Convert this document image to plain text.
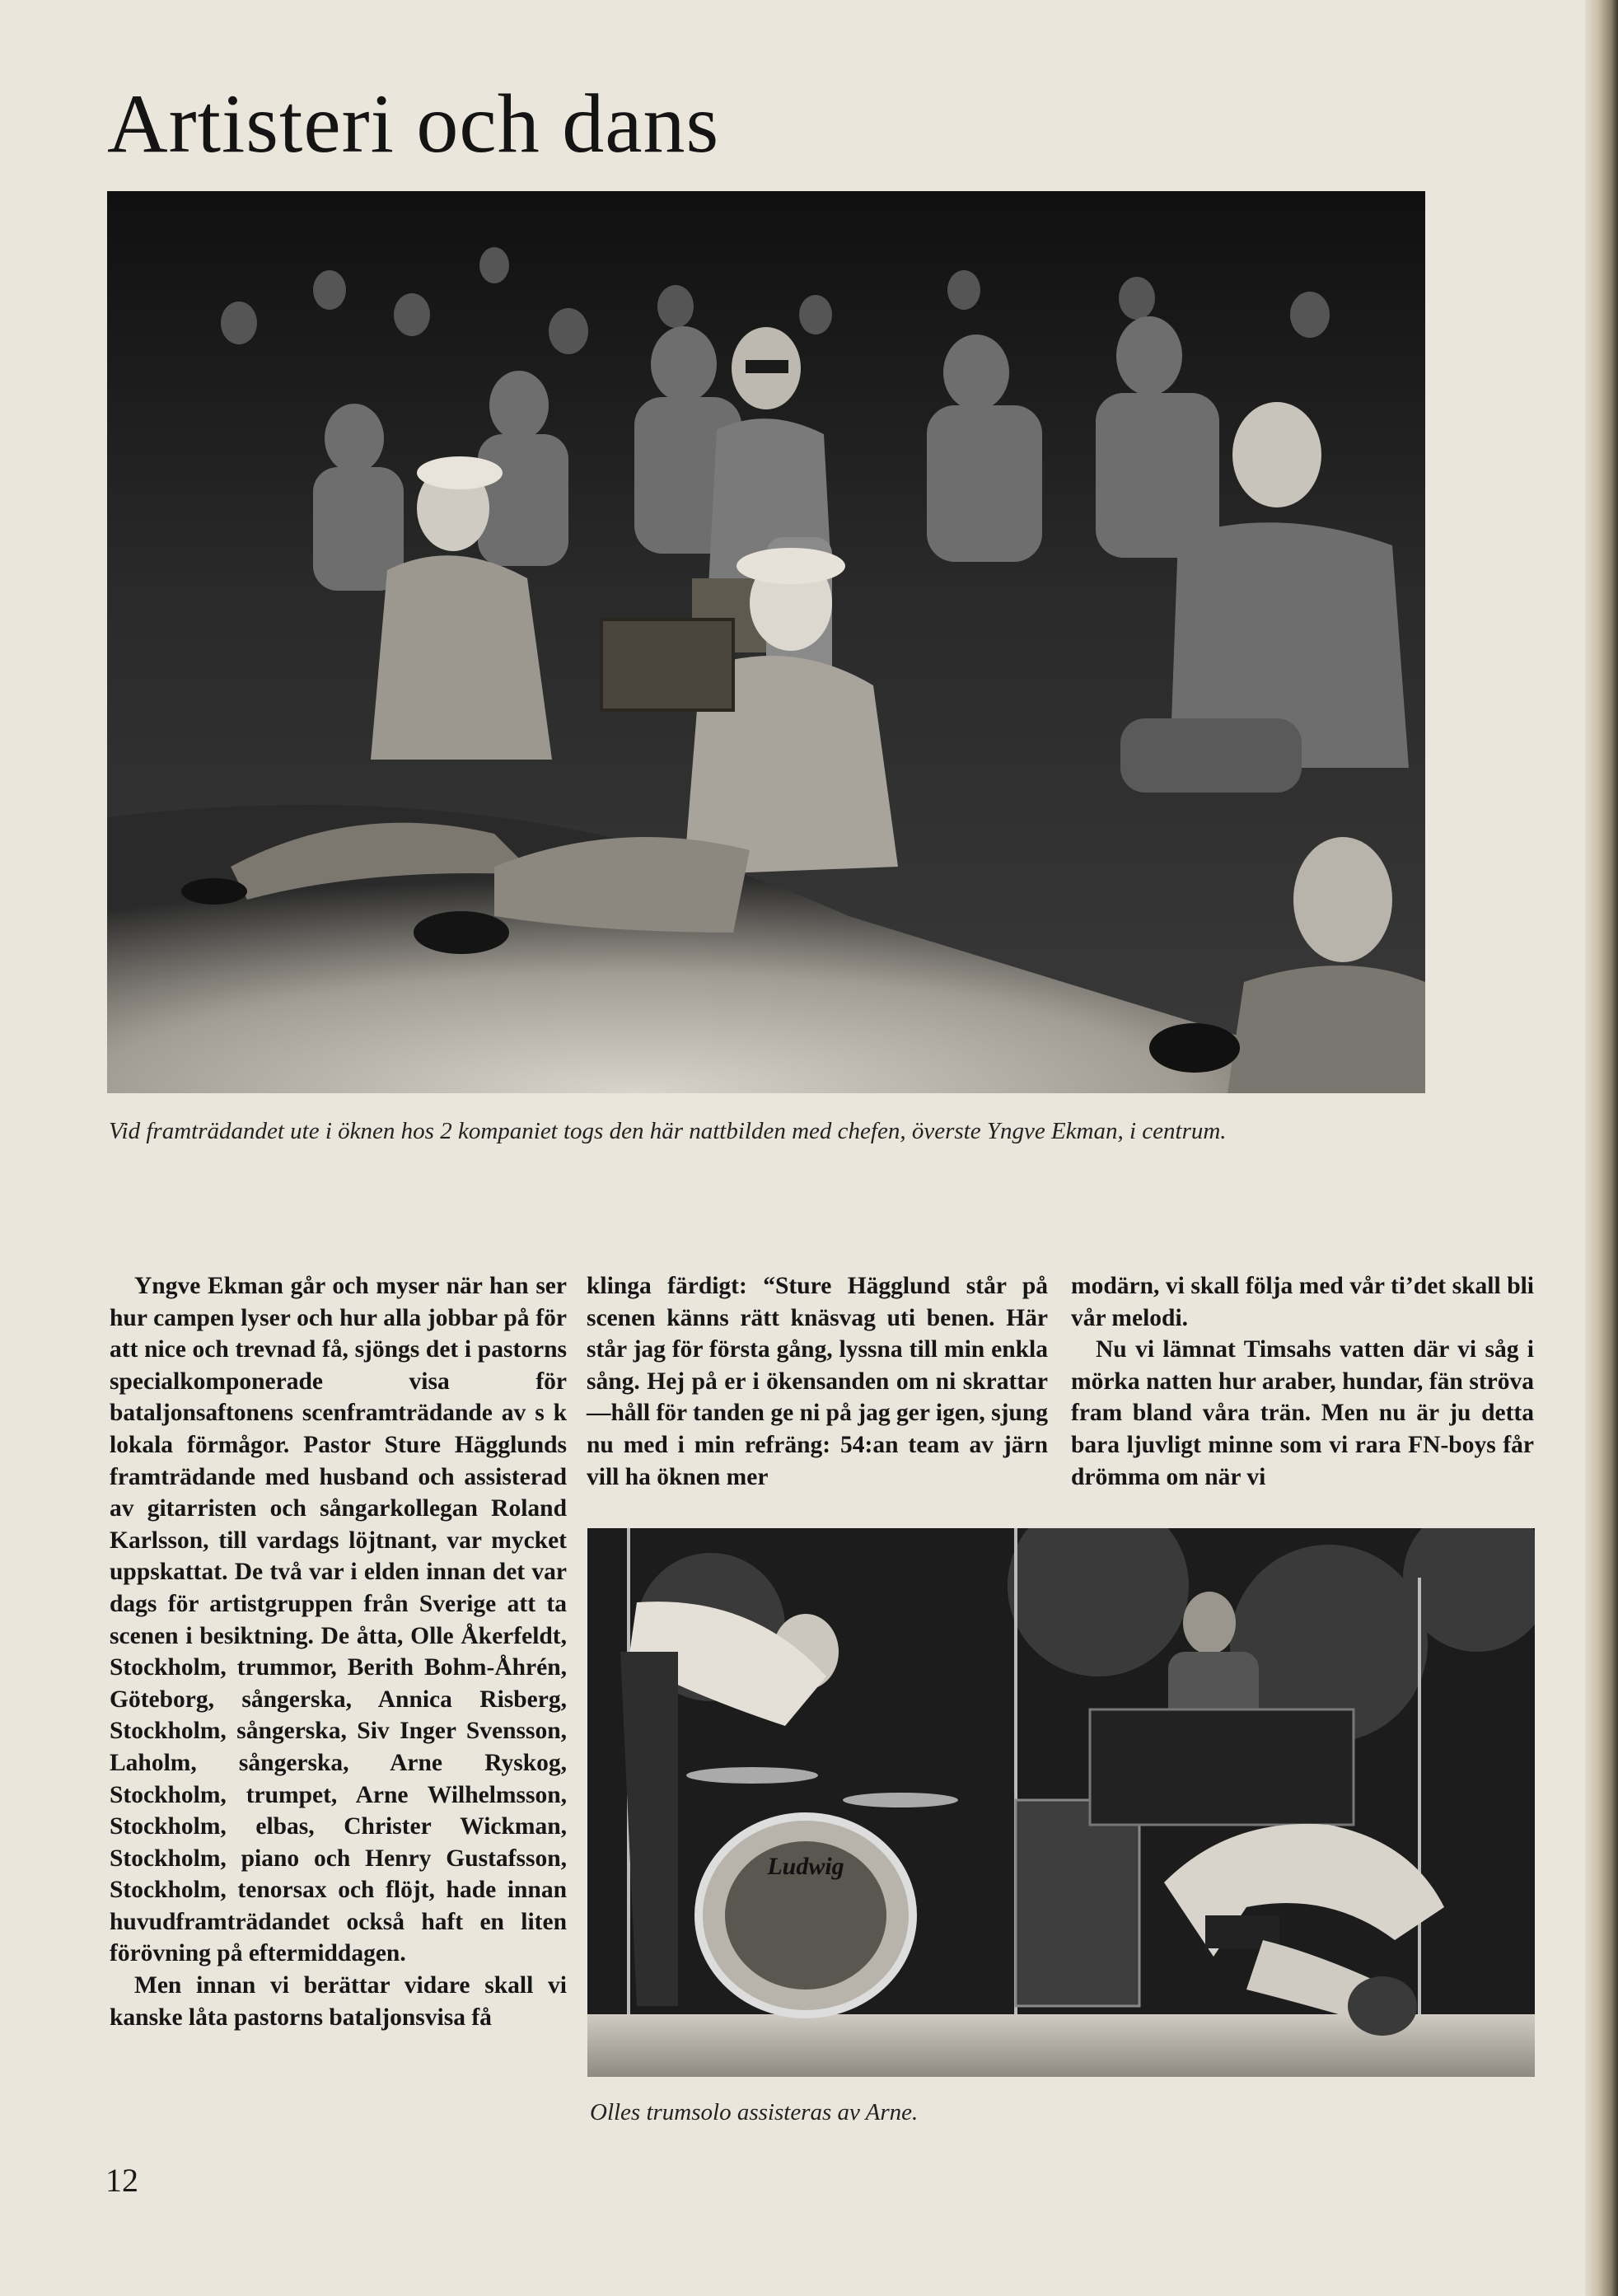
Artisteri och dans
Vid framträdandet ute i öknen hos 2 kompaniet togs den här nattbilden med chefen, överste Yngve Ekman, i centrum.

Yngve Ekman går och myser när han ser hur campen lyser och hur alla jobbar på för att nice och trevnad få, sjöngs det i pastorns specialkomponerade visa för bataljonsaftonens scenframträdande av s k lokala förmågor. Pastor Sture Hägglunds framträdande med husband och assisterad av gitarristen och sångarkollegan Roland Karlsson, till vardags löjtnant, var mycket uppskattat. De två var i elden innan det var dags för artistgruppen från Sverige att ta scenen i besiktning. De åtta, Olle Åkerfeldt, Stockholm, trummor, Berith Bohm-Åhrén, Göteborg, sångerska, Annica Risberg, Stockholm, sångerska, Siv Inger Svensson, Laholm, sångerska, Arne Ryskog, Stockholm, trumpet, Arne Wilhelmsson, Stockholm, elbas, Christer Wickman, Stockholm, piano och Henry Gustafsson, Stockholm, tenorsax och flöjt, hade innan huvudframträdandet också haft en liten förövning på eftermiddagen.

Men innan vi berättar vidare skall vi kanske låta pastorns bataljonsvisa få

klinga färdigt: “Sture Hägglund står på scenen känns rätt knäsvag uti benen. Här står jag för första gång, lyssna till min enkla sång. Hej på er i ökensanden om ni skrattar—håll för tanden ge ni på jag ger igen, sjung nu med i min refräng: 54:an team av järn vill ha öknen mer

modärn, vi skall följa med vår ti’det skall bli vår melodi.

Nu vi lämnat Timsahs vatten där vi såg i mörka natten hur araber, hundar, fän ströva fram bland våra trän. Men nu är ju detta bara ljuvligt minne som vi rara FN-boys får drömma om när vi

Ludwig
Olles trumsolo assisteras av Arne.
12
